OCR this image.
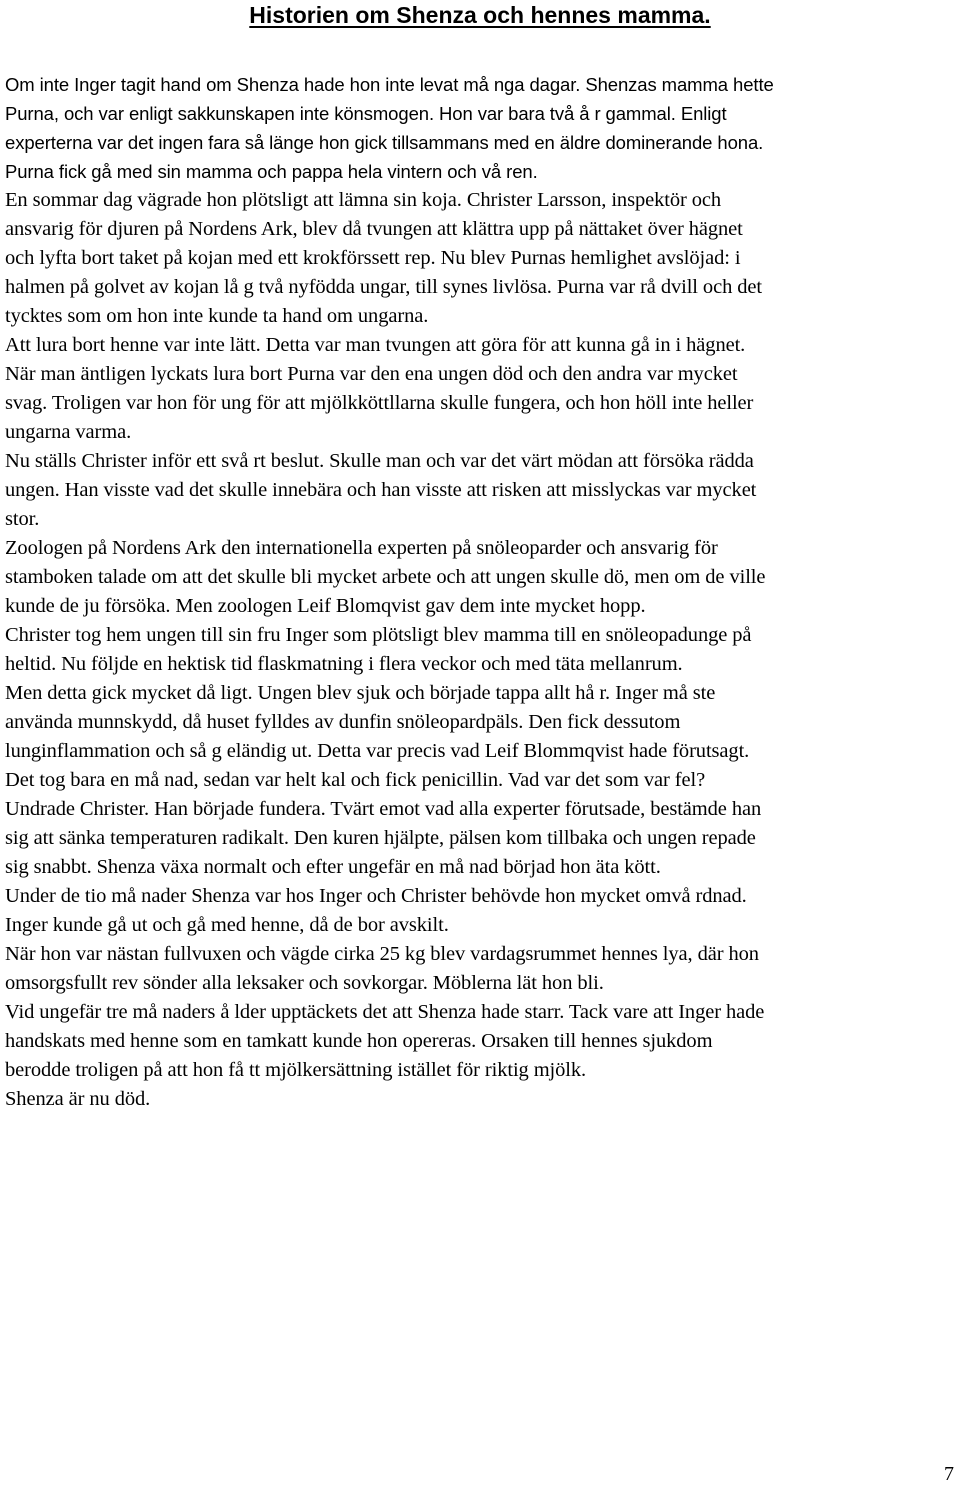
Historien om Shenza och hennes mamma.
Om inte Inger tagit hand om Shenza hade hon inte levat må nga dagar. Shenzas mamma hette
Purna, och var enligt sakkunskapen inte könsmogen. Hon var bara två å r gammal. Enligt
experterna var det ingen fara så länge hon gick tillsammans med en äldre dominerande hona.
Purna fick gå med sin mamma och pappa hela vintern och vå ren.
En sommar dag vägrade hon plötsligt att lämna sin koja. Christer Larsson, inspektör och
ansvarig för djuren på Nordens Ark, blev då tvungen att klättra upp på nättaket över hägnet
och lyfta bort taket på kojan med ett krokförssett rep. Nu blev Purnas hemlighet avslöjad: i
halmen på golvet av kojan lå g två nyfödda ungar, till synes livlösa. Purna var rå dvill och det
tycktes som om hon inte kunde ta hand om ungarna.
Att lura bort henne var inte lätt. Detta var man tvungen att göra för att kunna gå in i hägnet.
När man äntligen lyckats lura bort Purna var den ena ungen död och den andra var mycket
svag. Troligen var hon för ung för att mjölkköttllarna skulle fungera, och hon höll inte heller
ungarna varma.
Nu ställs Christer inför ett svå rt beslut. Skulle man och var det värt mödan att försöka rädda
ungen. Han visste vad det skulle innebära och han visste att risken att misslyckas var mycket
stor.
Zoologen på Nordens Ark den internationella experten på snöleoparder och ansvarig för
stamboken talade om att det skulle bli mycket arbete och att ungen skulle dö, men om de ville
kunde de ju försöka. Men zoologen Leif Blomqvist gav dem inte mycket hopp.
Christer tog hem ungen till sin fru Inger som plötsligt blev mamma till en snöleopadunge på
heltid. Nu följde en hektisk tid flaskmatning i flera veckor och med täta mellanrum.
Men detta gick mycket då ligt. Ungen blev sjuk och började tappa allt hå r. Inger må ste
använda munnskydd, då huset fylldes av dunfin snöleopardpäls. Den fick dessutom
lunginflammation och så g eländig ut. Detta var precis vad Leif Blommqvist hade förutsagt.
Det tog bara en må nad, sedan var helt kal och fick penicillin. Vad var det som var fel?
Undrade Christer. Han började fundera. Tvärt emot vad alla experter förutsade, bestämde han
sig att sänka temperaturen radikalt. Den kuren hjälpte, pälsen kom tillbaka och ungen repade
sig snabbt. Shenza växa normalt och efter ungefär en må nad börjad hon äta kött.
Under de tio må nader Shenza var hos Inger och Christer behövde hon mycket omvå rdnad.
Inger kunde gå ut och gå med henne, då de bor avskilt.
När hon var nästan fullvuxen och vägde cirka 25 kg blev vardagsrummet hennes lya, där hon
omsorgsfullt rev sönder alla leksaker och sovkorgar. Möblerna lät hon bli.
Vid ungefär tre må naders å lder upptäckets det att Shenza hade starr. Tack vare att Inger hade
handskats med henne som en tamkatt kunde hon opereras. Orsaken till hennes sjukdom
berodde troligen på att hon få tt mjölkersättning istället för riktig mjölk.
Shenza är nu död.
7
